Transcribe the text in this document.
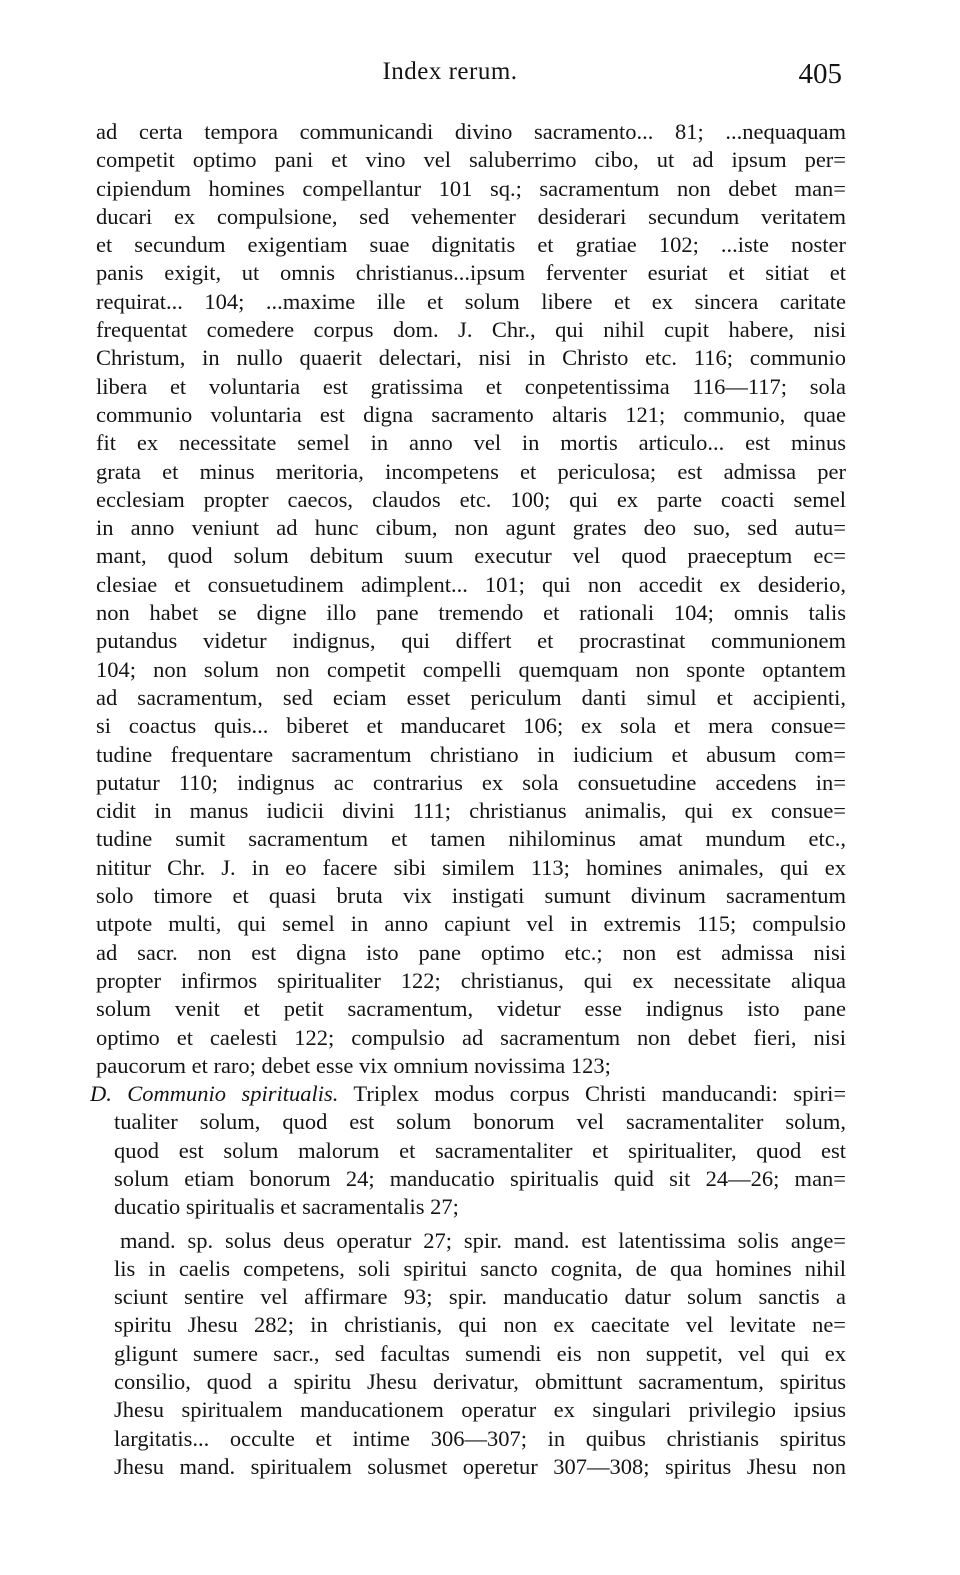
Index rerum.	405
ad certa tempora communicandi divino sacramento... 81; ...nequaquam
competit optimo pani et vino vel saluberrimo cibo, ut ad ipsum per=
cipiendum homines compellantur 101 sq.; sacramentum non debet man=
ducari ex compulsione, sed vehementer desiderari secundum veritatem
et secundum exigentiam suae dignitatis et gratiae 102; ...iste noster
panis exigit, ut omnis christianus...ipsum ferventer esuriat et sitiat et
requirat... 104; ...maxime ille et solum libere et ex sincera caritate
frequentat comedere corpus dom. J. Chr., qui nihil cupit habere, nisi
Christum, in nullo quaerit delectari, nisi in Christo etc. 116; communio
libera et voluntaria est gratissima et conpetentissima 116—117; sola
communio voluntaria est digna sacramento altaris 121; communio, quae
fit ex necessitate semel in anno vel in mortis articulo... est minus
grata et minus meritoria, incompetens et periculosa; est admissa per
ecclesiam propter caecos, claudos etc. 100; qui ex parte coacti semel
in anno veniunt ad hunc cibum, non agunt grates deo suo, sed autu=
mant, quod solum debitum suum executur vel quod praeceptum ec=
clesiae et consuetudinem adimplent... 101; qui non accedit ex desiderio,
non habet se digne illo pane tremendo et rationali 104; omnis talis
putandus videtur indignus, qui differt et procrastinat communionem
104; non solum non competit compelli quemquam non sponte optantem
ad sacramentum, sed eciam esset periculum danti simul et accipienti,
si coactus quis... biberet et manducaret 106; ex sola et mera consue=
tudine frequentare sacramentum christiano in iudicium et abusum com=
putatur 110; indignus ac contrarius ex sola consuetudine accedens in=
cidit in manus iudicii divini 111; christianus animalis, qui ex consue=
tudine sumit sacramentum et tamen nihilominus amat mundum etc.,
nititur Chr. J. in eo facere sibi similem 113; homines animales, qui ex
solo timore et quasi bruta vix instigati sumunt divinum sacramentum
utpote multi, qui semel in anno capiunt vel in extremis 115; compulsio
ad sacr. non est digna isto pane optimo etc.; non est admissa nisi
propter infirmos spiritualiter 122; christianus, qui ex necessitate aliqua
solum venit et petit sacramentum, videtur esse indignus isto pane
optimo et caelesti 122; compulsio ad sacramentum non debet fieri, nisi
paucorum et raro; debet esse vix omnium novissima 123;
D. Communio spiritualis. Triplex modus corpus Christi manducandi: spiri=
tualiter solum, quod est solum bonorum vel sacramentaliter solum,
quod est solum malorum et sacramentaliter et spiritualiter, quod est
solum etiam bonorum 24; manducatio spiritualis quid sit 24—26; man=
ducatio spiritualis et sacramentalis 27;
mand. sp. solus deus operatur 27; spir. mand. est latentissima solis ange=
lis in caelis competens, soli spiritui sancto cognita, de qua homines nihil
sciunt sentire vel affirmare 93; spir. manducatio datur solum sanctis a
spiritu Jhesu 282; in christianis, qui non ex caecitate vel levitate ne=
gligunt sumere sacr., sed facultas sumendi eis non suppetit, vel qui ex
consilio, quod a spiritu Jhesu derivatur, obmittunt sacramentum, spiritus
Jhesu spiritualem manducationem operatur ex singulari privilegio ipsius
largitatis... occulte et intime 306—307; in quibus christianis spiritus
Jhesu mand. spiritualem solusmet operetur 307—308; spiritus Jhesu non
